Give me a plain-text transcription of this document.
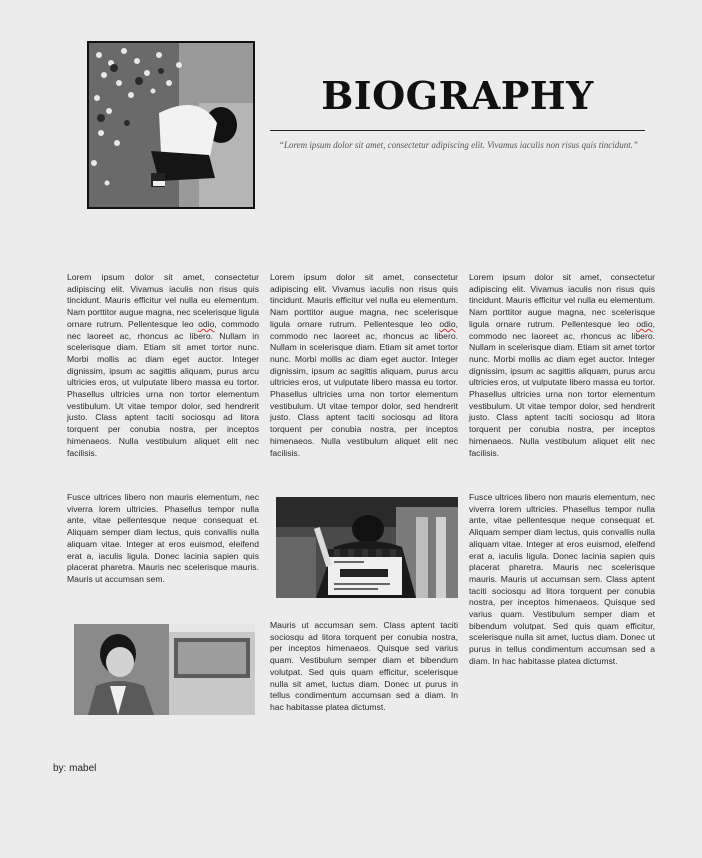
BIOGRAPHY
“Lorem ipsum dolor sit amet, consectetur adipiscing elit. Vivamus iaculis non risus quis tincidunt.”

Lorem ipsum dolor sit amet, consectetur adipiscing elit. Vivamus iaculis non risus quis tincidunt. Mauris efficitur vel nulla eu elementum. Nam porttitor augue magna, nec scelerisque ligula ornare rutrum. Pellentesque leo odio, commodo nec laoreet ac, rhoncus ac libero. Nullam in scelerisque diam. Etiam sit amet tortor nunc. Morbi mollis ac diam eget auctor. Integer dignissim, ipsum ac sagittis aliquam, purus arcu ultricies eros, ut vulputate libero massa eu tortor. Phasellus ultricies urna non tortor elementum vestibulum. Ut vitae tempor dolor, sed hendrerit justo. Class aptent taciti sociosqu ad litora torquent per conubia nostra, per inceptos himenaeos. Nulla vestibulum aliquet elit nec facilisis.

Fusce ultrices libero non mauris elementum, nec viverra lorem ultricies. Phasellus tempor nulla ante, vitae pellentesque neque consequat et. Aliquam semper diam lectus, quis convallis nulla aliquam vitae. Integer at eros euismod, eleifend erat a, iaculis ligula. Donec lacinia sapien quis placerat pharetra. Mauris nec scelerisque mauris. Mauris ut accumsan sem.

Lorem ipsum dolor sit amet, consectetur adipiscing elit. Vivamus iaculis non risus quis tincidunt. Mauris efficitur vel nulla eu elementum. Nam porttitor augue magna, nec scelerisque ligula ornare rutrum. Pellentesque leo odio, commodo nec laoreet ac, rhoncus ac libero. Nullam in scelerisque diam. Etiam sit amet tortor nunc. Morbi mollis ac diam eget auctor. Integer dignissim, ipsum ac sagittis aliquam, purus arcu ultricies eros, ut vulputate libero massa eu tortor. Phasellus ultricies urna non tortor elementum vestibulum. Ut vitae tempor dolor, sed hendrerit justo. Class aptent taciti sociosqu ad litora torquent per conubia nostra, per inceptos himenaeos. Nulla vestibulum aliquet elit nec facilisis.

Mauris ut accumsan sem. Class aptent taciti sociosqu ad litora torquent per conubia nostra, per inceptos himenaeos. Quisque sed varius quam. Vestibulum semper diam et bibendum volutpat. Sed quis quam efficitur, scelerisque nulla sit amet, luctus diam. Donec ut purus in tellus condimentum accumsan sed a diam. In hac habitasse platea dictumst.

Lorem ipsum dolor sit amet, consectetur adipiscing elit. Vivamus iaculis non risus quis tincidunt. Mauris efficitur vel nulla eu elementum. Nam porttitor augue magna, nec scelerisque ligula ornare rutrum. Pellentesque leo odio, commodo nec laoreet ac, rhoncus ac libero. Nullam in scelerisque diam. Etiam sit amet tortor nunc. Morbi mollis ac diam eget auctor. Integer dignissim, ipsum ac sagittis aliquam, purus arcu ultricies eros, ut vulputate libero massa eu tortor. Phasellus ultricies urna non tortor elementum vestibulum. Ut vitae tempor dolor, sed hendrerit justo. Class aptent taciti sociosqu ad litora torquent per conubia nostra, per inceptos himenaeos. Nulla vestibulum aliquet elit nec facilisis.

Fusce ultrices libero non mauris elementum, nec viverra lorem ultricies. Phasellus tempor nulla ante, vitae pellentesque neque consequat et. Aliquam semper diam lectus, quis convallis nulla aliquam vitae. Integer at eros euismod, eleifend erat a, iaculis ligula. Donec lacinia sapien quis placerat pharetra. Mauris nec scelerisque mauris. Mauris ut accumsan sem. Class aptent taciti sociosqu ad litora torquent per conubia nostra, per inceptos himenaeos. Quisque sed varius quam. Vestibulum semper diam et bibendum volutpat. Sed quis quam efficitur, scelerisque nulla sit amet, luctus diam. Donec ut purus in tellus condimentum accumsan sed a diam. In hac habitasse platea dictumst.

by: mabel
